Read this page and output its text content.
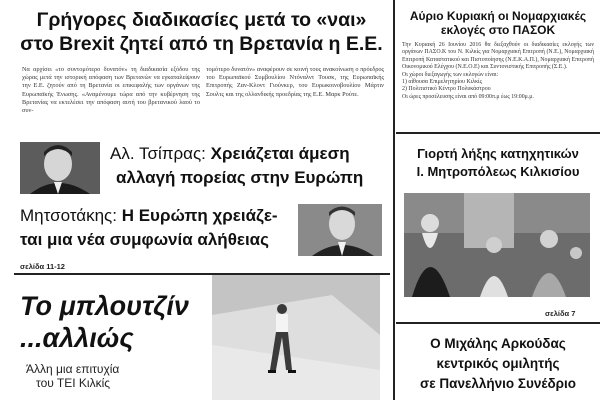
Γρήγορες διαδικασίες μετά το «ναι»
στο Brexit ζητεί από τη Βρετανία η Ε.Ε.
Να αρχίσει «το συντομότερο δυνατόν» τη διαδικασία εξόδου της χώρας μετά την ιστορική απόφαση των Βρετανών να εγκαταλείψουν την Ε.Ε. ζητούν από τη Βρετανία οι επικεφαλής των οργάνων της Ευρωπαϊκής Ένωσης. «Αναμένουμε τώρα από την κυβέρνηση της Βρετανίας να εκτελέσει την απόφαση αυτή του βρετανικού λαού το συν-
τομότερο δυνατόν» αναφέρουν σε κοινή τους ανακοίνωση ο πρόεδρος του Ευρωπαϊκού Συμβουλίου Ντόναλντ Τουσκ, της Ευρωπαϊκής Επιτροπής Ζαν-Κλοντ Γιούνκερ, του Ευρωκοινοβουλίου Μάρτιν Σουλτς και της ολλανδικής προεδρίας της Ε.Ε. Μαρκ Ρούτε.
Αλ. Τσίπρας: Χρειάζεται άμεση
αλλαγή πορείας στην Ευρώπη
Μητσοτάκης: Η Ευρώπη χρειάζε-
ται μια νέα συμφωνία αλήθειας
σελίδα 11-12
Το μπλουτζίν
...αλλιώς
Άλλη μια επιτυχία
του ΤΕΙ Κιλκίς
Αύριο Κυριακή οι Νομαρχιακές
εκλογές στο ΠΑΣΟΚ
Την Κυριακή 26 Ιουνίου 2016 θα διεξαχθούν οι διαδικασίες εκλογής των οργάνων ΠΑΣΟ.Κ του Ν. Κιλκίς για Νομαρχιακή Επιτροπή (Ν.Ε.), Νομαρχιακή Επιτροπή Καταστατικού και Πιστοποίησης (Ν.Ε.Κ.Α.Π.), Νομαρχιακή Επιτροπή Οικονομικού Ελέγχου (Ν.Ε.Ο.Ε) και Συντονιστικής Επιτροπής (Σ.Ε.).
Οι χώροι διεξαγωγής των εκλογών είναι:
1) αίθουσα Επιμελητηρίου Κιλκίς
2) Πολιτιστικό Κέντρο Πολυκάστρου
Οι ώρες προσέλευσης είναι από 09:00π.μ έως 19:00μ.μ.
Γιορτή λήξης κατηχητικών
Ι. Μητροπόλεως Κιλκισίου
σελίδα 7
Ο Μιχάλης Αρκούδας
κεντρικός ομιλητής
σε Πανελλήνιο Συνέδριο
